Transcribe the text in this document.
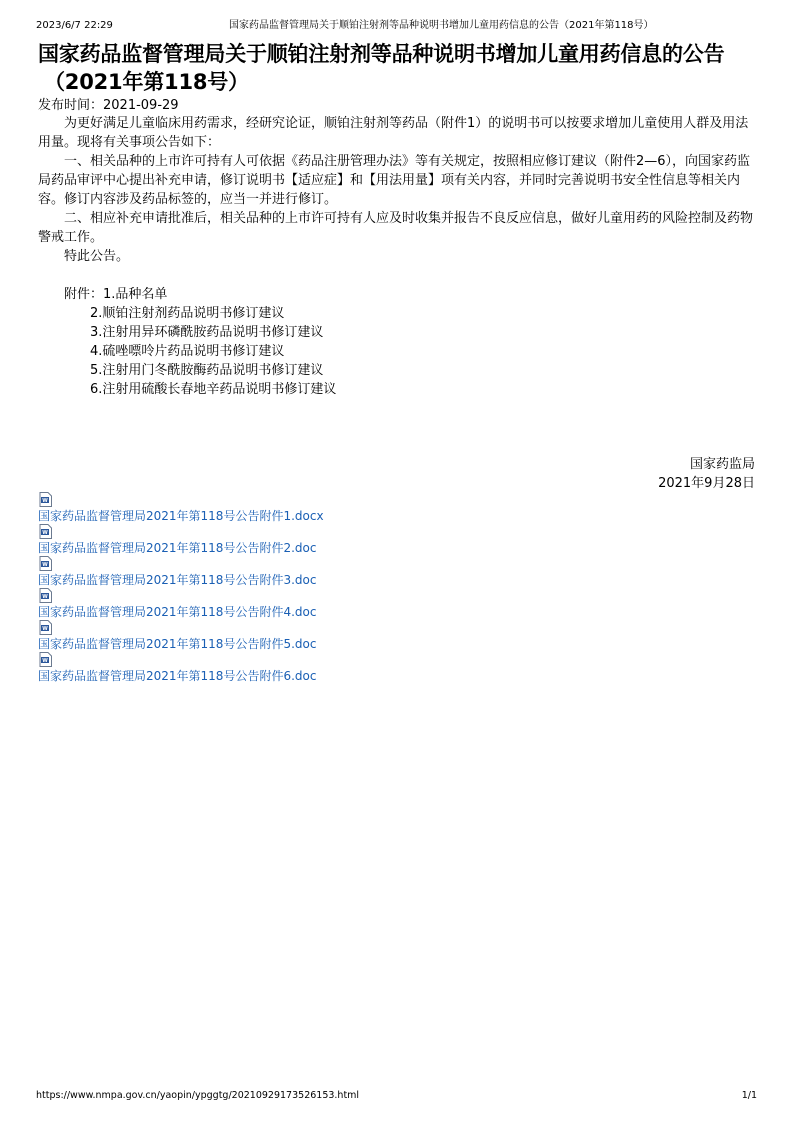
2023/6/7 22:29	国家药品监督管理局关于顺铂注射剂等品种说明书增加儿童用药信息的公告（2021年第118号）
国家药品监督管理局关于顺铂注射剂等品种说明书增加儿童用药信息的公告
（2021年第118号）
发布时间：2021-09-29

为更好满足儿童临床用药需求，经研究论证，顺铂注射剂等药品（附件1）的说明书可以按要求增加儿童使用人群及用法用量。现将有关事项公告如下：

一、相关品种的上市许可持有人可依据《药品注册管理办法》等有关规定，按照相应修订建议（附件2—6），向国家药监局药品审评中心提出补充申请，修订说明书【适应症】和【用法用量】项有关内容，并同时完善说明书安全性信息等相关内容。修订内容涉及药品标签的，应当一并进行修订。

二、相应补充申请批准后，相关品种的上市许可持有人应及时收集并报告不良反应信息，做好儿童用药的风险控制及药物警戒工作。

特此公告。

附件：1.品种名单
2.顺铂注射剂药品说明书修订建议
3.注射用异环磷酰胺药品说明书修订建议
4.硫唑嘌呤片药品说明书修订建议
5.注射用门冬酰胺酶药品说明书修订建议
6.注射用硫酸长春地辛药品说明书修订建议
国家药监局
2021年9月28日
W
国家药品监督管理局2021年第118号公告附件1.docx
W
国家药品监督管理局2021年第118号公告附件2.doc
W
国家药品监督管理局2021年第118号公告附件3.doc
W
国家药品监督管理局2021年第118号公告附件4.doc
W
国家药品监督管理局2021年第118号公告附件5.doc
W
国家药品监督管理局2021年第118号公告附件6.doc
https://www.nmpa.gov.cn/yaopin/ypggtg/20210929173526153.html	1/1
